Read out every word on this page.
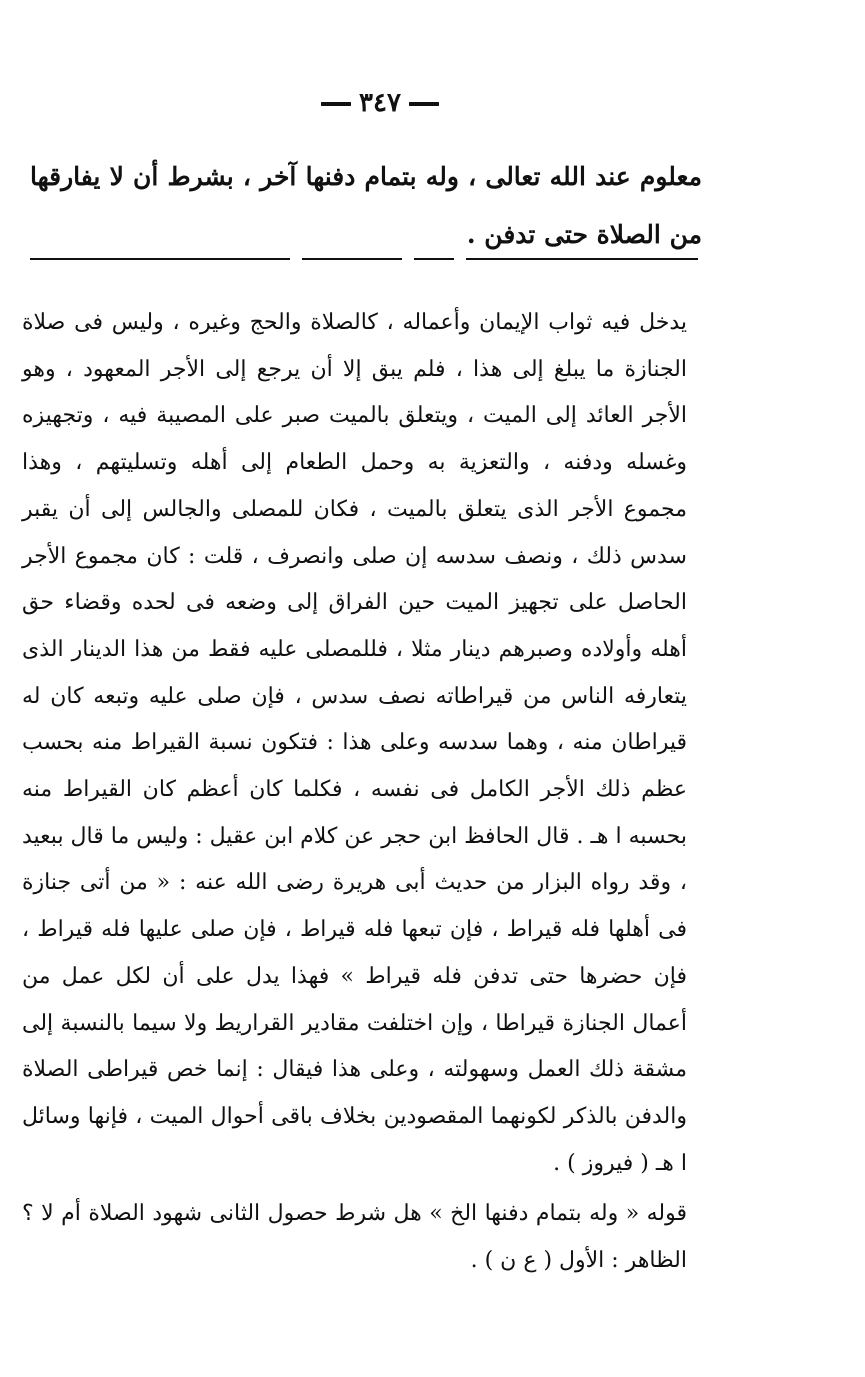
٣٤٧

معلوم عند الله تعالى ، وله بتمام دفنها آخر ، بشرط أن لا يفارقها من الصلاة حتى تدفن .

يدخل فيه ثواب الإيمان وأعماله ، كالصلاة والحج وغيره ، وليس فى صلاة الجنازة ما يبلغ إلى هذا ، فلم يبق إلا أن يرجع إلى الأجر المعهود ، وهو الأجر العائد إلى الميت ، ويتعلق بالميت صبر على المصيبة فيه ، وتجهيزه وغسله ودفنه ، والتعزية به وحمل الطعام إلى أهله وتسليتهم ، وهذا مجموع الأجر الذى يتعلق بالميت ، فكان للمصلى والجالس إلى أن يقبر سدس ذلك ، ونصف سدسه إن صلى وانصرف ، قلت : كان مجموع الأجر الحاصل على تجهيز الميت حين الفراق إلى وضعه فى لحده وقضاء حق أهله وأولاده وصبرهم دينار مثلا ، فللمصلى عليه فقط من هذا الدينار الذى يتعارفه الناس من قيراطاته نصف سدس ، فإن صلى عليه وتبعه كان له قيراطان منه ، وهما سدسه وعلى هذا : فتكون نسبة القيراط منه بحسب عظم ذلك الأجر الكامل فى نفسه ، فكلما كان أعظم كان القيراط منه بحسبه ا هـ . قال الحافظ ابن حجر عن كلام ابن عقيل : وليس ما قال ببعيد ، وقد رواه البزار من حديث أبى هريرة رضى الله عنه : « من أتى جنازة فى أهلها فله قيراط ، فإن تبعها فله قيراط ، فإن صلى عليها فله قيراط ، فإن حضرها حتى تدفن فله قيراط » فهذا يدل على أن لكل عمل من أعمال الجنازة قيراطا ، وإن اختلفت مقادير القراريط ولا سيما بالنسبة إلى مشقة ذلك العمل وسهولته ، وعلى هذا فيقال : إنما خص قيراطى الصلاة والدفن بالذكر لكونهما المقصودين بخلاف باقى أحوال الميت ، فإنها وسائل ا هـ ( فيروز ) .

قوله « وله بتمام دفنها الخ » هل شرط حصول الثانى شهود الصلاة أم لا ؟ الظاهر : الأول ( ع ن ) .
